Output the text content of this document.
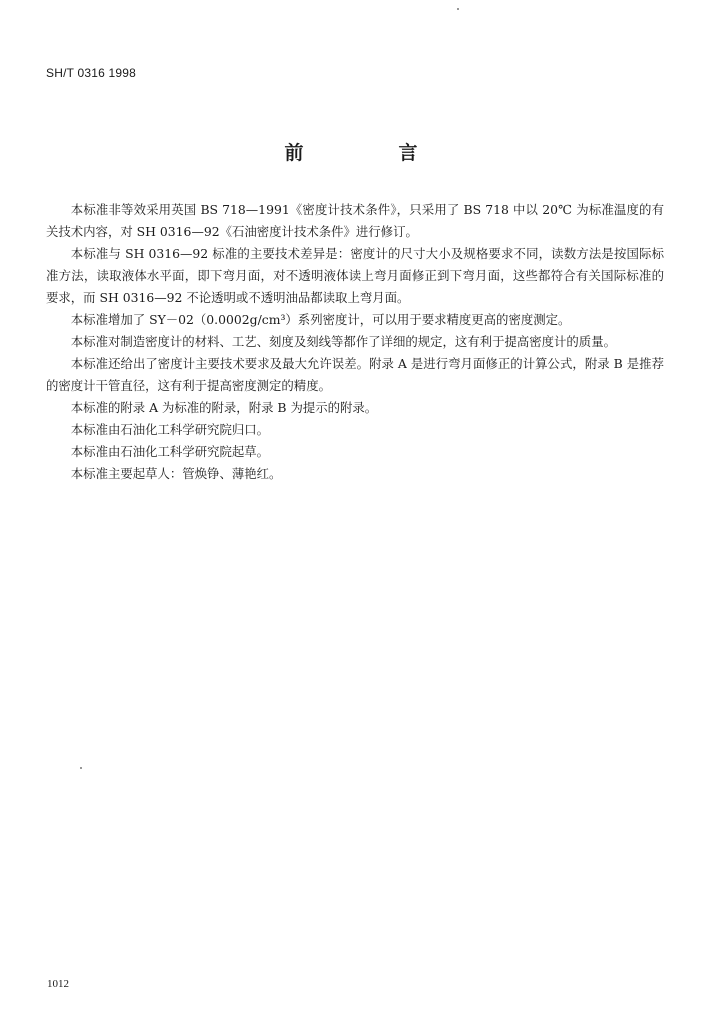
SH/T 0316 1998
前　言

本标准非等效采用英国 BS 718—1991《密度计技术条件》，只采用了 BS 718 中以 20℃ 为标准温度的有关技术内容，对 SH 0316—92《石油密度计技术条件》进行修订。

本标准与 SH 0316—92 标准的主要技术差异是：密度计的尺寸大小及规格要求不同，读数方法是按国际标准方法，读取液体水平面，即下弯月面，对不透明液体读上弯月面修正到下弯月面，这些都符合有关国际标准的要求，而 SH 0316—92 不论透明或不透明油品都读取上弯月面。

本标准增加了 SY－02（0.0002g/cm³）系列密度计，可以用于要求精度更高的密度测定。

本标准对制造密度计的材料、工艺、刻度及刻线等都作了详细的规定，这有利于提高密度计的质量。

本标准还给出了密度计主要技术要求及最大允许误差。附录 A 是进行弯月面修正的计算公式，附录 B 是推荐的密度计干管直径，这有利于提高密度测定的精度。

本标准的附录 A 为标准的附录，附录 B 为提示的附录。

本标准由石油化工科学研究院归口。

本标准由石油化工科学研究院起草。

本标准主要起草人：管焕铮、薄艳红。

1012
